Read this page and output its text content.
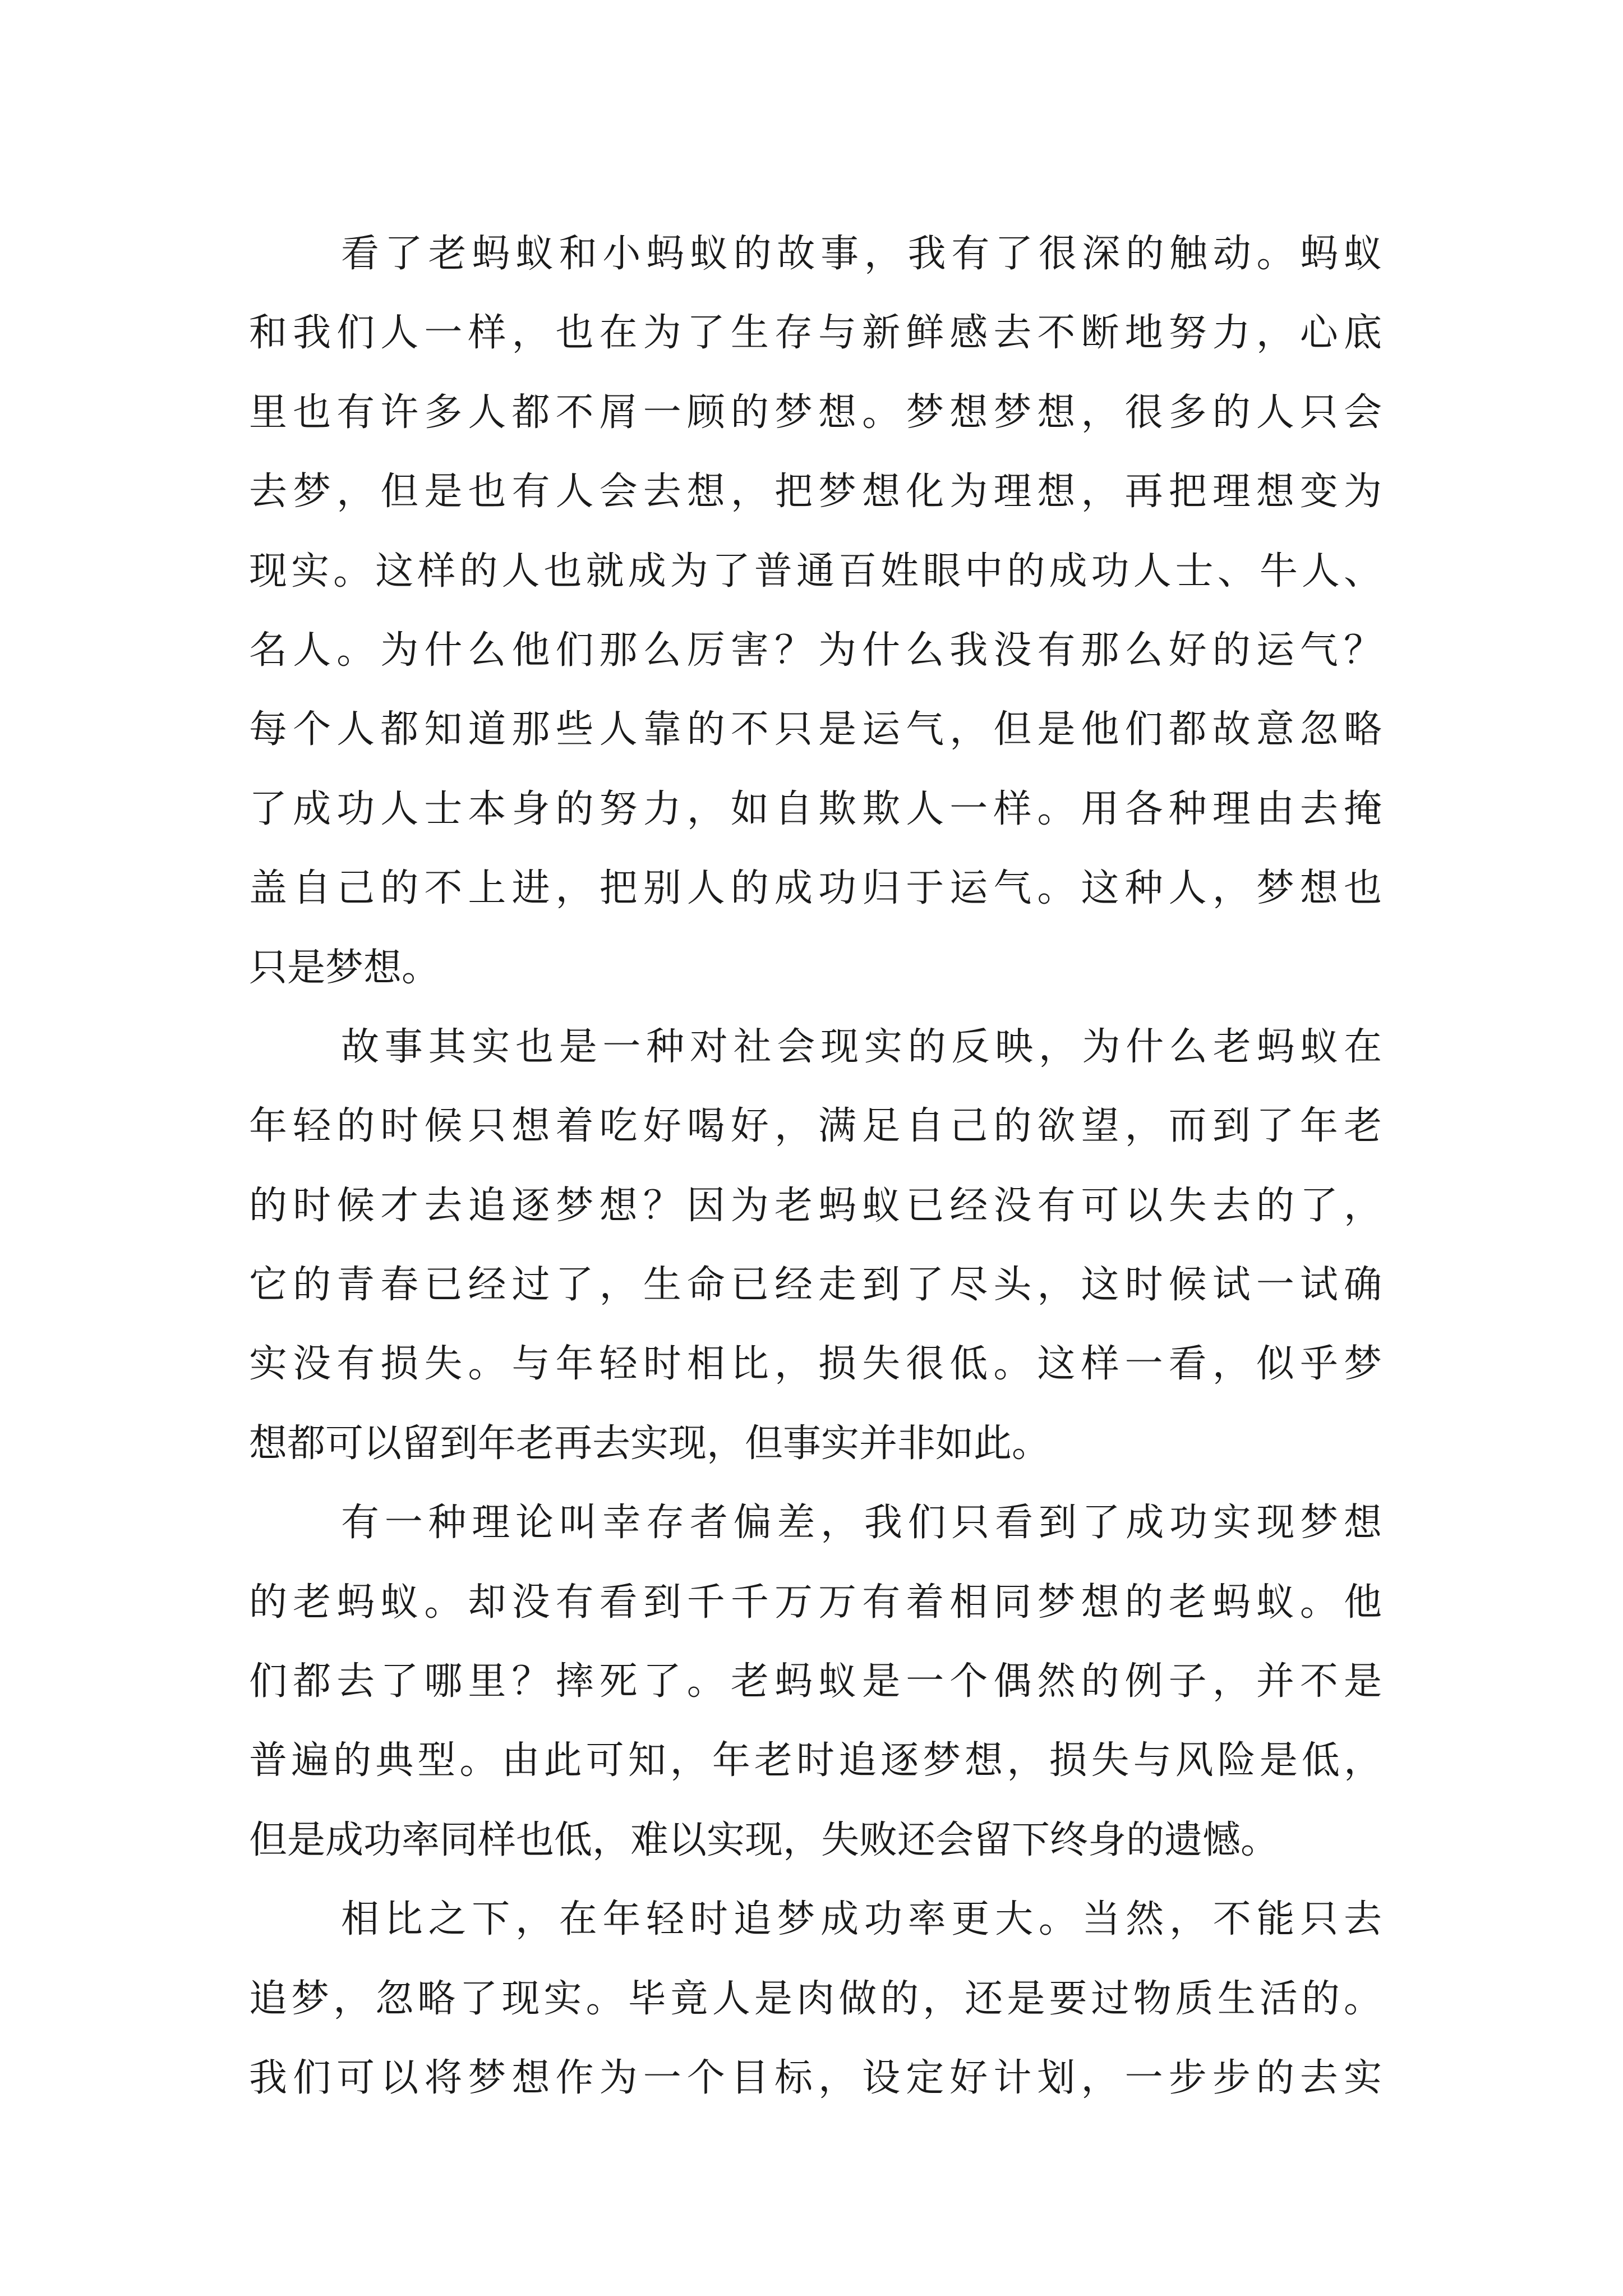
看了老蚂蚁和小蚂蚁的故事，我有了很深的触动。蚂蚁
和我们人一样，也在为了生存与新鲜感去不断地努力，心底
里也有许多人都不屑一顾的梦想。梦想梦想，很多的人只会
去梦，但是也有人会去想，把梦想化为理想，再把理想变为
现实。这样的人也就成为了普通百姓眼中的成功人士、牛人、
名人。为什么他们那么厉害？为什么我没有那么好的运气？
每个人都知道那些人靠的不只是运气，但是他们都故意忽略
了成功人士本身的努力，如自欺欺人一样。用各种理由去掩
盖自己的不上进，把别人的成功归于运气。这种人，梦想也
只是梦想。
故事其实也是一种对社会现实的反映，为什么老蚂蚁在
年轻的时候只想着吃好喝好，满足自己的欲望，而到了年老
的时候才去追逐梦想？因为老蚂蚁已经没有可以失去的了，
它的青春已经过了，生命已经走到了尽头，这时候试一试确
实没有损失。与年轻时相比，损失很低。这样一看，似乎梦
想都可以留到年老再去实现，但事实并非如此。
有一种理论叫幸存者偏差，我们只看到了成功实现梦想
的老蚂蚁。却没有看到千千万万有着相同梦想的老蚂蚁。他
们都去了哪里？摔死了。老蚂蚁是一个偶然的例子，并不是
普遍的典型。由此可知，年老时追逐梦想，损失与风险是低，
但是成功率同样也低，难以实现，失败还会留下终身的遗憾。
相比之下，在年轻时追梦成功率更大。当然，不能只去
追梦，忽略了现实。毕竟人是肉做的，还是要过物质生活的。
我们可以将梦想作为一个目标，设定好计划，一步步的去实
